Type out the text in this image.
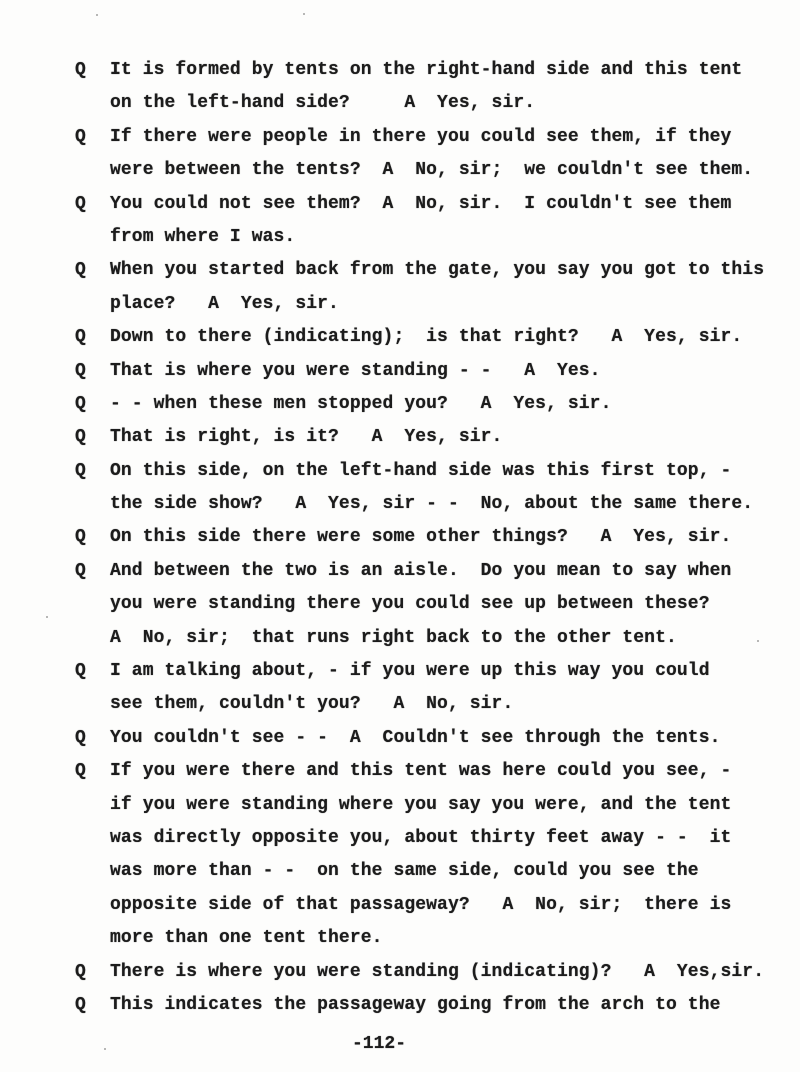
Q	It is formed by tents on the right-hand side and this tent
on the left-hand side?     A  Yes, sir.
Q	If there were people in there you could see them, if they
were between the tents?  A  No, sir;  we couldn't see them.
Q	You could not see them?  A  No, sir.  I couldn't see them
from where I was.
Q	When you started back from the gate, you say you got to this
place?   A  Yes, sir.
Q	Down to there (indicating);  is that right?   A  Yes, sir.
Q	That is where you were standing - -   A  Yes.
Q	- - when these men stopped you?   A  Yes, sir.
Q	That is right, is it?   A  Yes, sir.
Q	On this side, on the left-hand side was this first top, -
the side show?   A  Yes, sir - -  No, about the same there.
Q	On this side there were some other things?   A  Yes, sir.
Q	And between the two is an aisle.  Do you mean to say when
you were standing there you could see up between these?
A  No, sir;  that runs right back to the other tent.
Q	I am talking about, - if you were up this way you could
see them, couldn't you?   A  No, sir.
Q	You couldn't see - -  A  Couldn't see through the tents.
Q	If you were there and this tent was here could you see, -
if you were standing where you say you were, and the tent
was directly opposite you, about thirty feet away - -  it
was more than - -  on the same side, could you see the
opposite side of that passageway?   A  No, sir;  there is
more than one tent there.
Q	There is where you were standing (indicating)?   A  Yes,sir.
Q	This indicates the passageway going from the arch to the
-112-
